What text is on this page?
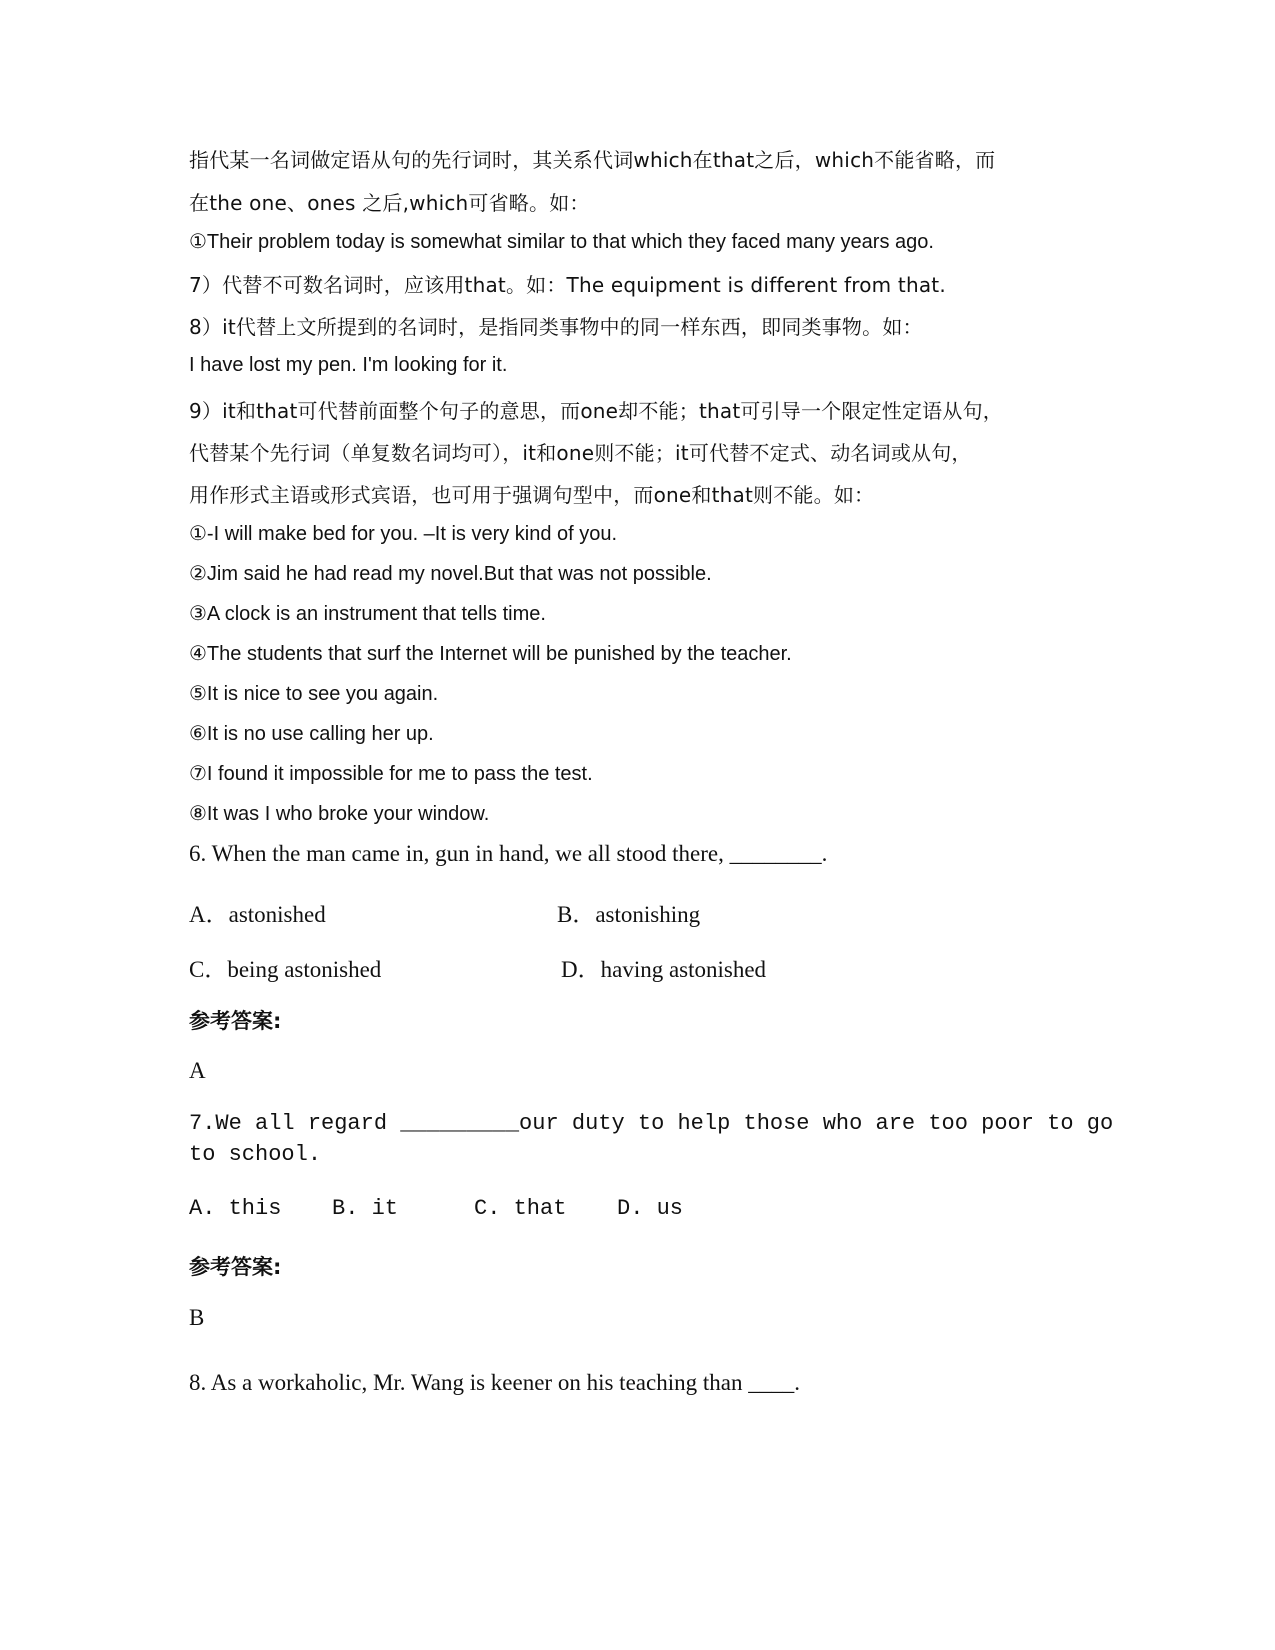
指代某一名词做定语从句的先行词时，其关系代词which在that之后，which不能省略，而
在the one、ones 之后,which可省略。如：
①Their problem today is somewhat similar to that which they faced many years ago.
7）代替不可数名词时，应该用that。如：The equipment is different from that.
8）it代替上文所提到的名词时，是指同类事物中的同一样东西，即同类事物。如：
I have lost my pen. I'm looking for it.
9）it和that可代替前面整个句子的意思，而one却不能；that可引导一个限定性定语从句，
代替某个先行词（单复数名词均可），it和one则不能；it可代替不定式、动名词或从句，
用作形式主语或形式宾语，也可用于强调句型中，而one和that则不能。如：
①-I will make bed for you. –It is very kind of you.
②Jim said he had read my novel.But that was not possible.
③A clock is an instrument that tells time.
④The students that surf the Internet will be punished by the teacher.
⑤It is nice to see you again.
⑥It is no use calling her up.
⑦I found it impossible for me to pass the test.
⑧It was I who broke your window.
6. When the man came in, gun in hand, we all stood there, ________.
A．astonished	B．astonishing
C．being astonished	D．having astonished
参考答案:
A
7.We all regard _________our duty to help those who are too poor to go
to school.
A. this B. it	C. that D. us
参考答案:
B
8. As a workaholic, Mr. Wang is keener on his teaching than ____.
